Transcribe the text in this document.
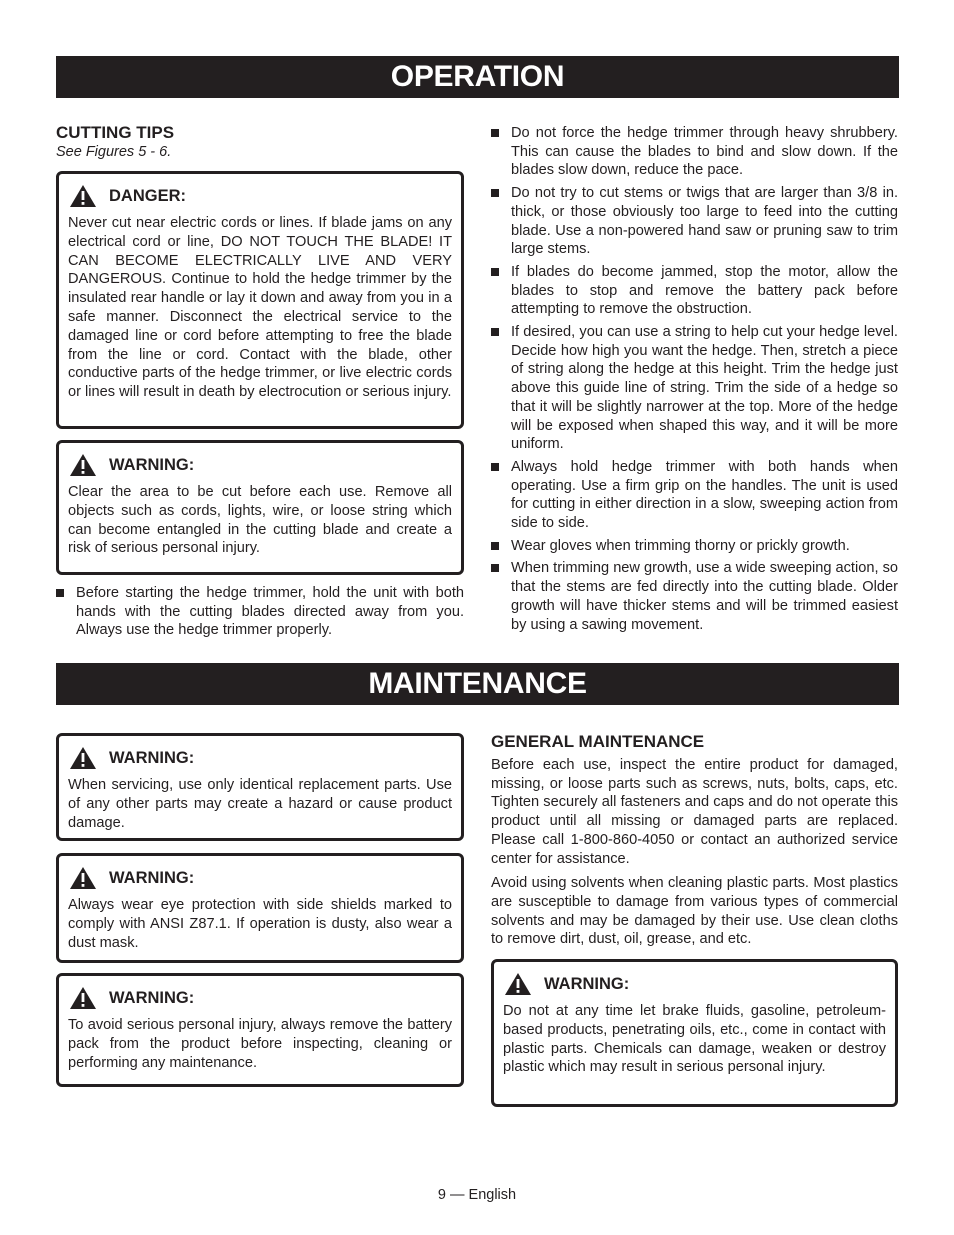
OPERATION

CUTTING TIPS

See Figures 5 - 6.

DANGER:

Never cut near electric cords or lines. If blade jams on any electrical cord or line, DO NOT TOUCH THE BLADE! IT CAN BECOME ELECTRICALLY LIVE AND VERY DANGEROUS. Continue to hold the hedge trimmer by the insulated rear handle or lay it down and away from you in a safe manner. Disconnect the electrical service to the damaged line or cord before attempting to free the blade from the line or cord. Contact with the blade, other conductive parts of the hedge trimmer, or live electric cords or lines will result in death by electrocution or serious injury.

WARNING:

Clear the area to be cut before each use. Remove all objects such as cords, lights, wire, or loose string which can become entangled in the cutting blade and create a risk of serious personal injury.

Before starting the hedge trimmer, hold the unit with both hands with the cutting blades directed away from you. Always use the hedge trimmer properly.
Do not force the hedge trimmer through heavy shrubbery. This can cause the blades to bind and slow down. If the blades slow down, reduce the pace.
Do not try to cut stems or twigs that are larger than 3/8 in. thick, or those obviously too large to feed into the cutting blade. Use a non-powered hand saw or pruning saw to trim large stems.
If blades do become jammed, stop the motor, allow the blades to stop and remove the battery pack before attempting to remove the obstruction.
If desired, you can use a string to help cut your hedge level. Decide how high you want the hedge. Then, stretch a piece of string along the hedge at this height. Trim the hedge just above this guide line of string. Trim the side of a hedge so that it will be slightly narrower at the top. More of the hedge will be exposed when shaped this way, and it will be more uniform.
Always hold hedge trimmer with both hands when operating. Use a firm grip on the handles. The unit is used for cutting in either direction in a slow, sweeping action from side to side.
Wear gloves when trimming thorny or prickly growth.
When trimming new growth, use a wide sweeping action, so that the stems are fed directly into the cutting blade. Older growth will have thicker stems and will be trimmed easiest by using a sawing movement.
MAINTENANCE
WARNING:

When servicing, use only identical replacement parts. Use of any other parts may create a hazard or cause product damage.

WARNING:

Always wear eye protection with side shields marked to comply with ANSI Z87.1. If operation is dusty, also wear a dust mask.

WARNING:

To avoid serious personal injury, always remove the battery pack from the product before inspecting, cleaning or performing any maintenance.

GENERAL MAINTENANCE

Before each use, inspect the entire product for damaged, missing, or loose parts such as screws, nuts, bolts, caps, etc. Tighten securely all fasteners and caps and do not operate this product until all missing or damaged parts are replaced. Please call 1-800-860-4050 or contact an authorized service center for assistance.

Avoid using solvents when cleaning plastic parts. Most plastics are susceptible to damage from various types of commercial solvents and may be damaged by their use. Use clean cloths to remove dirt, dust, oil, grease, and etc.

WARNING:

Do not at any time let brake fluids, gasoline, petroleum-based products, penetrating oils, etc., come in contact with plastic parts. Chemicals can damage, weaken or destroy plastic which may result in serious personal injury.

9 — English
